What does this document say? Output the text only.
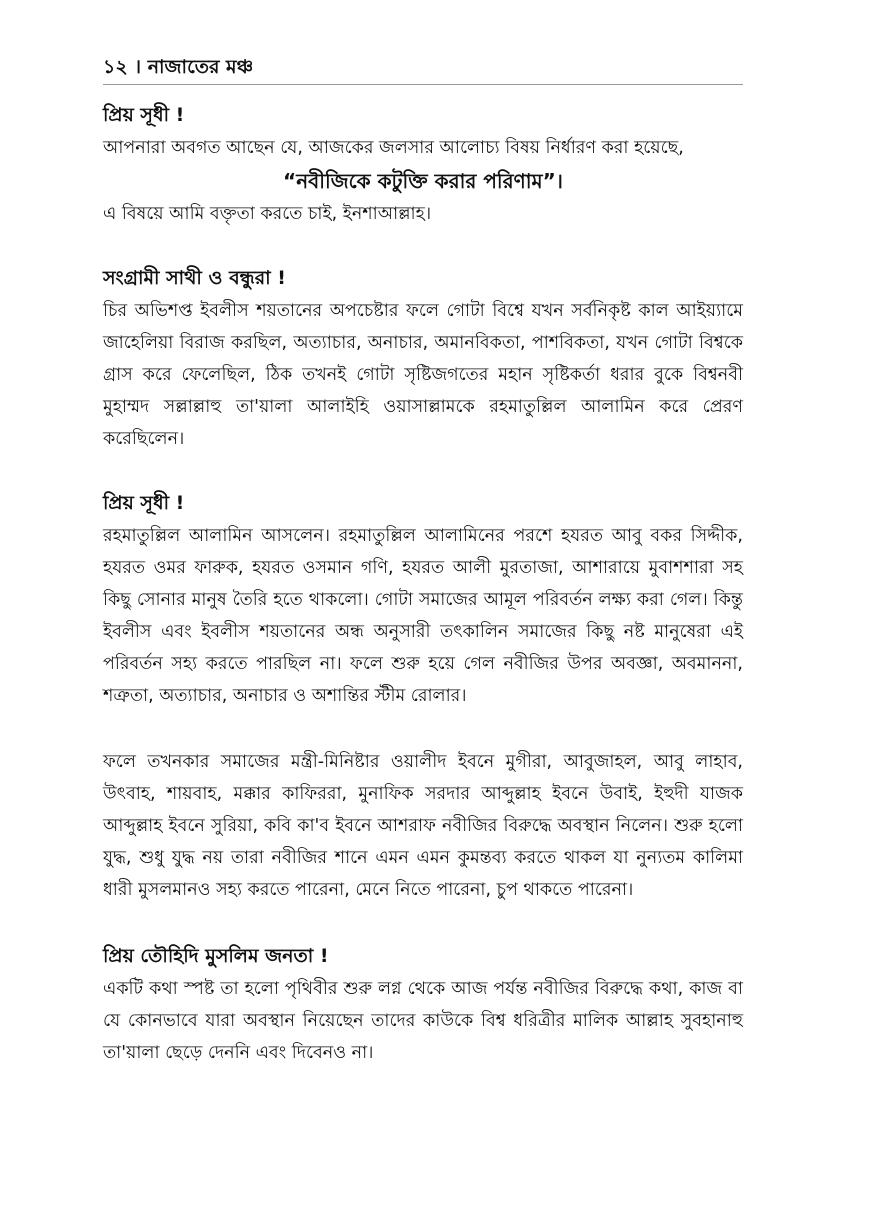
১২ । নাজাতের মঞ্চ
প্রিয় সূধী !

আপনারা অবগত আছেন যে, আজকের জলসার আলোচ্য বিষয় নির্ধারণ করা হয়েছে,

“নবীজিকে কটুক্তি করার পরিণাম”।

এ বিষয়ে আমি বক্তৃতা করতে চাই, ইনশাআল্লাহ।

সংগ্রামী সাথী ও বন্ধুরা !

চির অভিশপ্ত ইবলীস শয়তানের অপচেষ্টার ফলে গোটা বিশ্বে যখন সর্বনিকৃষ্ট কাল আইয়্যামে জাহেলিয়া বিরাজ করছিল, অত্যাচার, অনাচার, অমানবিকতা, পাশবিকতা, যখন গোটা বিশ্বকে গ্রাস করে ফেলেছিল, ঠিক তখনই গোটা সৃষ্টিজগতের মহান সৃষ্টিকর্তা ধরার বুকে বিশ্বনবী মুহাম্মদ সল্লাল্লাহু তা'য়ালা আলাইহি ওয়াসাল্লামকে রহমাতুল্লিল আলামিন করে প্রেরণ করেছিলেন।

প্রিয় সূধী !

রহমাতুল্লিল আলামিন আসলেন। রহমাতুল্লিল আলামিনের পরশে হযরত আবু বকর সিদ্দীক, হযরত ওমর ফারুক, হযরত ওসমান গণি, হযরত আলী মুরতাজা, আশারায়ে মুবাশশারা সহ কিছু সোনার মানুষ তৈরি হতে থাকলো। গোটা সমাজের আমূল পরিবর্তন লক্ষ্য করা গেল। কিন্তু ইবলীস এবং ইবলীস শয়তানের অন্ধ অনুসারী তৎকালিন সমাজের কিছু নষ্ট মানুষেরা এই পরিবর্তন সহ্য করতে পারছিল না। ফলে শুরু হয়ে গেল নবীজির উপর অবজ্ঞা, অবমাননা, শত্রুতা, অত্যাচার, অনাচার ও অশান্তির স্টীম রোলার।

ফলে তখনকার সমাজের মন্ত্রী-মিনিষ্টার ওয়ালীদ ইবনে মুগীরা, আবুজাহল, আবু লাহাব, উৎবাহ, শায়বাহ, মক্কার কাফিররা, মুনাফিক সরদার আব্দুল্লাহ ইবনে উবাই, ইহুদী যাজক আব্দুল্লাহ ইবনে সুরিয়া, কবি কা'ব ইবনে আশরাফ নবীজির বিরুদ্ধে অবস্থান নিলেন। শুরু হলো যুদ্ধ, শুধু যুদ্ধ নয় তারা নবীজির শানে এমন এমন কুমন্তব্য করতে থাকল যা নুন্যতম কালিমা ধারী মুসলমানও সহ্য করতে পারেনা, মেনে নিতে পারেনা, চুপ থাকতে পারেনা।

প্রিয় তৌহিদি মুসলিম জনতা !

একটি কথা স্পষ্ট তা হলো পৃথিবীর শুরু লগ্ন থেকে আজ পর্যন্ত নবীজির বিরুদ্ধে কথা, কাজ বা যে কোনভাবে যারা অবস্থান নিয়েছেন তাদের কাউকে বিশ্ব ধরিত্রীর মালিক আল্লাহ সুবহানাহু তা'য়ালা ছেড়ে দেননি এবং দিবেনও না।
